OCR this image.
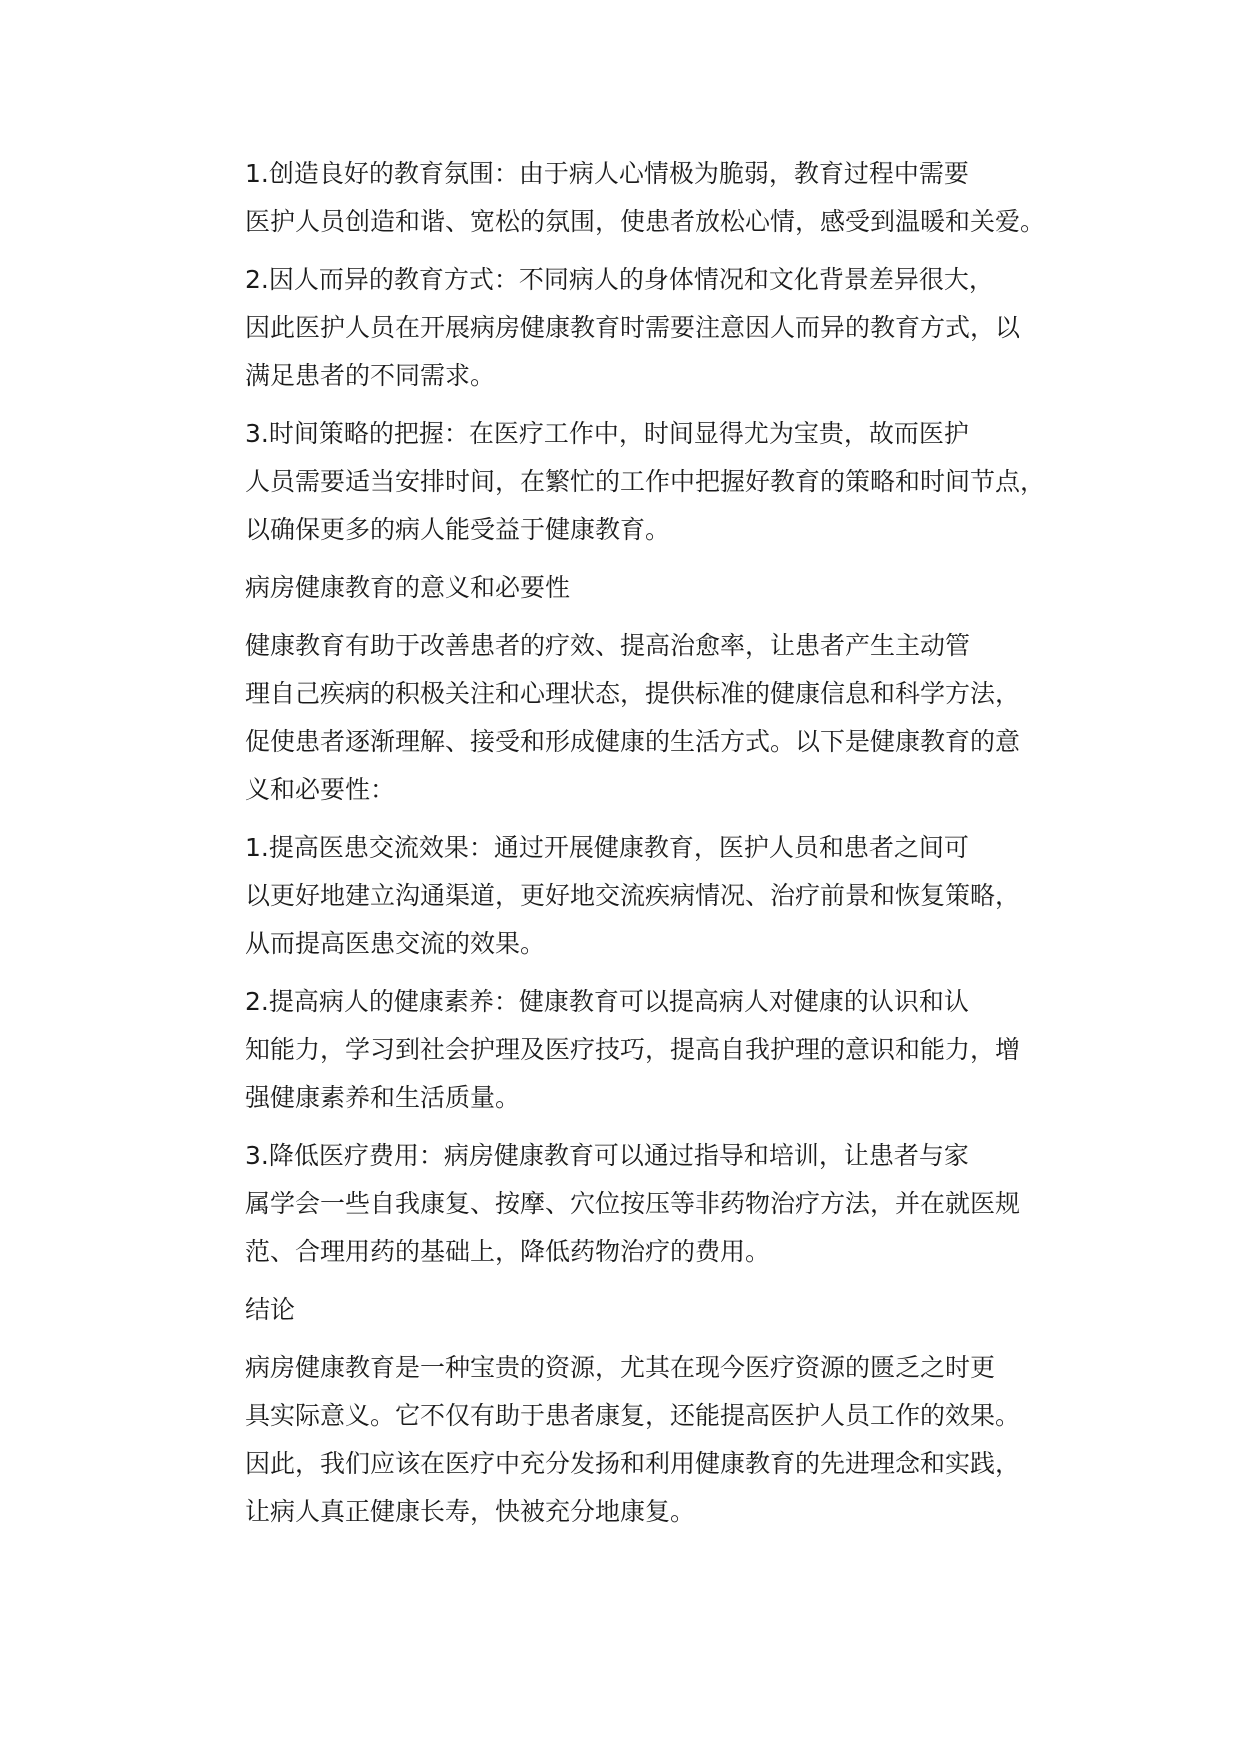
1.创造良好的教育氛围：由于病人心情极为脆弱，教育过程中需要
医护人员创造和谐、宽松的氛围，使患者放松心情，感受到温暖和关爱。

2.因人而异的教育方式：不同病人的身体情况和文化背景差异很大，
因此医护人员在开展病房健康教育时需要注意因人而异的教育方式，以
满足患者的不同需求。

3.时间策略的把握：在医疗工作中，时间显得尤为宝贵，故而医护
人员需要适当安排时间，在繁忙的工作中把握好教育的策略和时间节点，
以确保更多的病人能受益于健康教育。

病房健康教育的意义和必要性

健康教育有助于改善患者的疗效、提高治愈率，让患者产生主动管
理自己疾病的积极关注和心理状态，提供标准的健康信息和科学方法，
促使患者逐渐理解、接受和形成健康的生活方式。以下是健康教育的意
义和必要性：

1.提高医患交流效果：通过开展健康教育，医护人员和患者之间可
以更好地建立沟通渠道，更好地交流疾病情况、治疗前景和恢复策略，
从而提高医患交流的效果。

2.提高病人的健康素养：健康教育可以提高病人对健康的认识和认
知能力，学习到社会护理及医疗技巧，提高自我护理的意识和能力，增
强健康素养和生活质量。

3.降低医疗费用：病房健康教育可以通过指导和培训，让患者与家
属学会一些自我康复、按摩、穴位按压等非药物治疗方法，并在就医规
范、合理用药的基础上，降低药物治疗的费用。

结论

病房健康教育是一种宝贵的资源，尤其在现今医疗资源的匮乏之时更
具实际意义。它不仅有助于患者康复，还能提高医护人员工作的效果。
因此，我们应该在医疗中充分发扬和利用健康教育的先进理念和实践，
让病人真正健康长寿，快被充分地康复。
